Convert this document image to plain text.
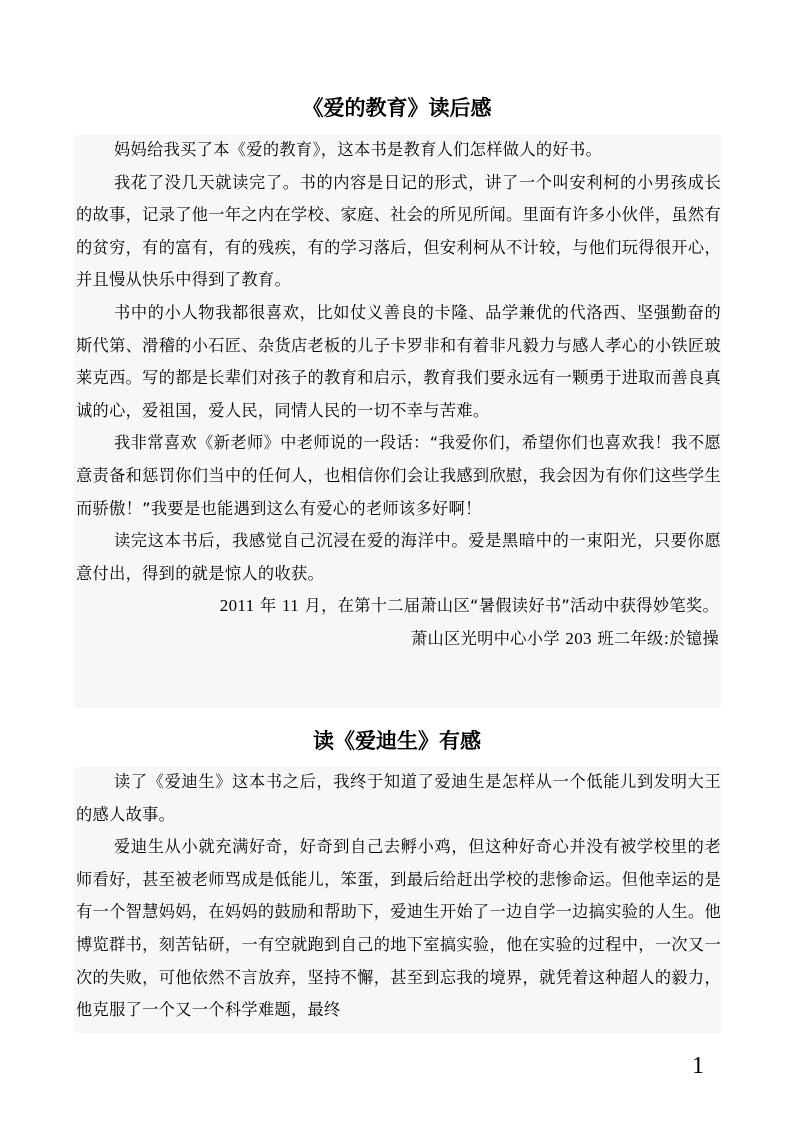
《爱的教育》读后感

妈妈给我买了本《爱的教育》，这本书是教育人们怎样做人的好书。

我花了没几天就读完了。书的内容是日记的形式，讲了一个叫安利柯的小男孩成长的故事，记录了他一年之内在学校、家庭、社会的所见所闻。里面有许多小伙伴，虽然有的贫穷，有的富有，有的残疾，有的学习落后，但安利柯从不计较，与他们玩得很开心，并且慢从快乐中得到了教育。

书中的小人物我都很喜欢，比如仗义善良的卡隆、品学兼优的代洛西、坚强勤奋的斯代第、滑稽的小石匠、杂货店老板的儿子卡罗非和有着非凡毅力与感人孝心的小铁匠玻莱克西。写的都是长辈们对孩子的教育和启示，教育我们要永远有一颗勇于进取而善良真诚的心，爱祖国，爱人民，同情人民的一切不幸与苦难。

我非常喜欢《新老师》中老师说的一段话：“我爱你们，希望你们也喜欢我！我不愿意责备和惩罚你们当中的任何人，也相信你们会让我感到欣慰，我会因为有你们这些学生而骄傲！”我要是也能遇到这么有爱心的老师该多好啊！

读完这本书后，我感觉自己沉浸在爱的海洋中。爱是黑暗中的一束阳光，只要你愿意付出，得到的就是惊人的收获。

2011 年 11 月，在第十二届萧山区“暑假读好书”活动中获得妙笔奖。

萧山区光明中心小学 203 班二年级:於镱操

读《爱迪生》有感

读了《爱迪生》这本书之后，我终于知道了爱迪生是怎样从一个低能儿到发明大王的感人故事。

爱迪生从小就充满好奇，好奇到自己去孵小鸡，但这种好奇心并没有被学校里的老师看好，甚至被老师骂成是低能儿，笨蛋，到最后给赶出学校的悲惨命运。但他幸运的是有一个智慧妈妈，在妈妈的鼓励和帮助下，爱迪生开始了一边自学一边搞实验的人生。他博览群书，刻苦钻研，一有空就跑到自己的地下室搞实验，他在实验的过程中，一次又一次的失败，可他依然不言放弃，坚持不懈，甚至到忘我的境界，就凭着这种超人的毅力，他克服了一个又一个科学难题，最终

1
